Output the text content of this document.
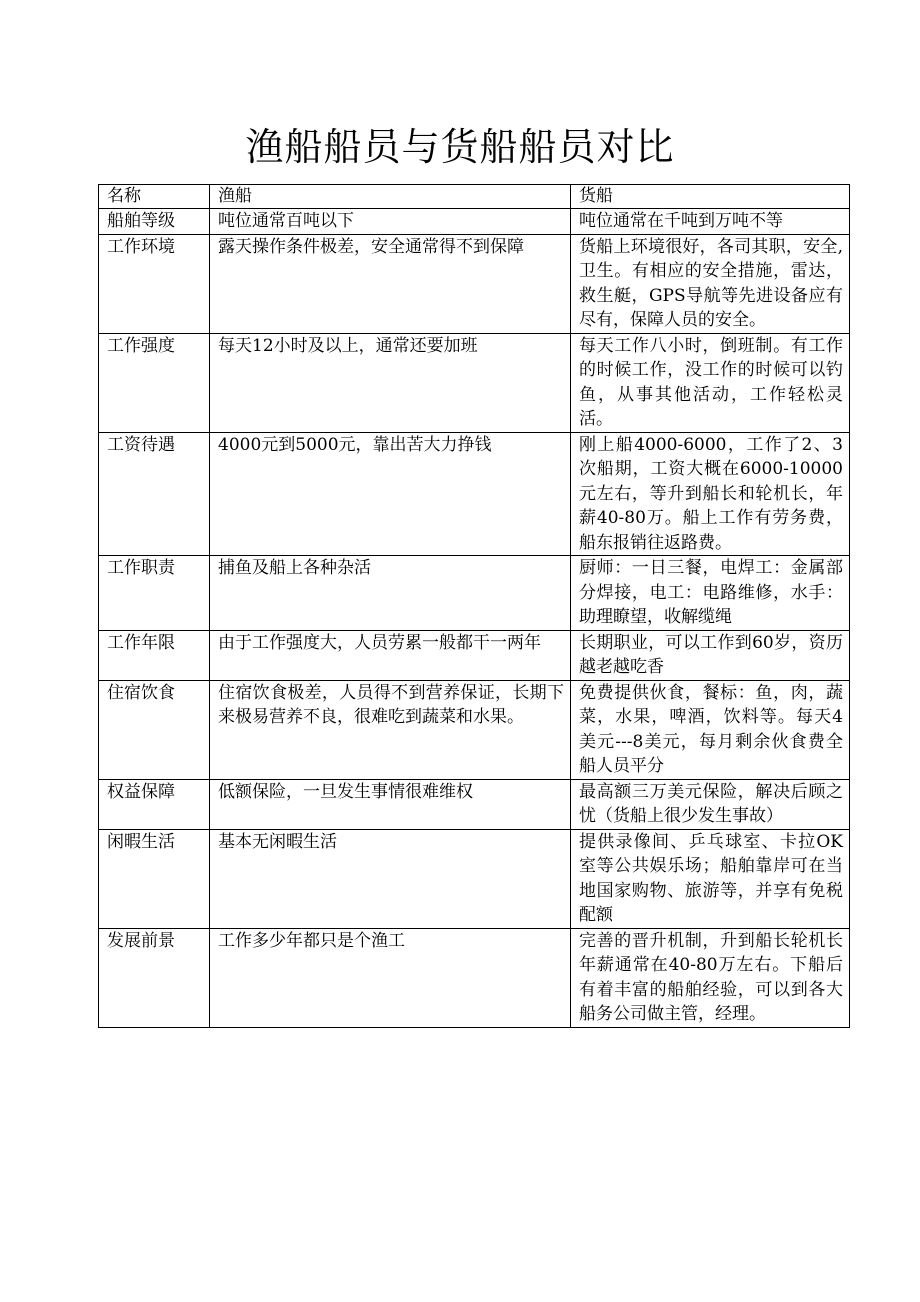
渔船船员与货船船员对比
名称	渔船	货船
船舶等级	吨位通常百吨以下	吨位通常在千吨到万吨不等
工作环境	露天操作条件极差，安全通常得不到保障	货船上环境很好，各司其职，安全,卫生。有相应的安全措施，雷达，救生艇，GPS导航等先进设备应有尽有，保障人员的安全。
工作强度	每天12小时及以上，通常还要加班	每天工作八小时，倒班制。有工作的时候工作，没工作的时候可以钓鱼，从事其他活动，工作轻松灵活。
工资待遇	4000元到5000元，靠出苦大力挣钱	刚上船4000-6000，工作了2、3次船期，工资大概在6000-10000元左右，等升到船长和轮机长，年薪40-80万。船上工作有劳务费，船东报销往返路费。
工作职责	捕鱼及船上各种杂活	厨师：一日三餐，电焊工：金属部分焊接，电工：电路维修，水手：助理瞭望，收解缆绳
工作年限	由于工作强度大，人员劳累一般都干一两年	长期职业，可以工作到60岁，资历越老越吃香
住宿饮食	住宿饮食极差，人员得不到营养保证，长期下来极易营养不良，很难吃到蔬菜和水果。	免费提供伙食，餐标：鱼，肉，蔬菜，水果，啤酒，饮料等。每天4美元---8美元，每月剩余伙食费全船人员平分
权益保障	低额保险，一旦发生事情很难维权	最高额三万美元保险，解决后顾之忧（货船上很少发生事故）
闲暇生活	基本无闲暇生活	提供录像间、乒乓球室、卡拉OK室等公共娱乐场；船舶靠岸可在当地国家购物、旅游等，并享有免税配额
发展前景	工作多少年都只是个渔工	完善的晋升机制，升到船长轮机长年薪通常在40-80万左右。下船后有着丰富的船舶经验，可以到各大船务公司做主管，经理。
